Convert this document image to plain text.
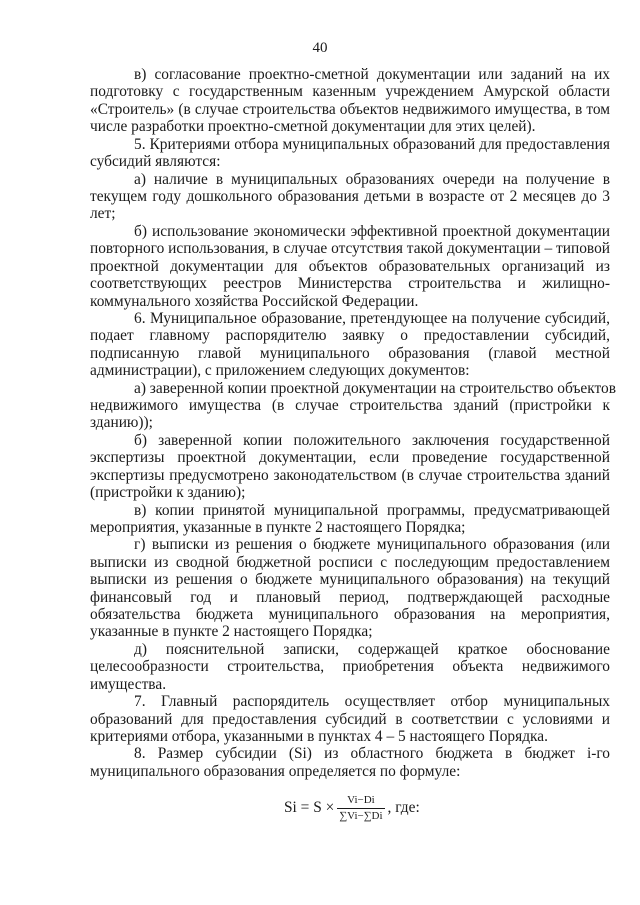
40
в) согласование проектно-сметной документации или заданий на их
подготовку с государственным казенным учреждением Амурской области
«Строитель» (в случае строительства объектов недвижимого имущества, в том
числе разработки проектно-сметной документации для этих целей).
5. Критериями отбора муниципальных образований для предоставления
субсидий являются:
а) наличие в муниципальных образованиях очереди на получение в
текущем году дошкольного образования детьми в возрасте от 2 месяцев до 3
лет;
б) использование экономически эффективной проектной документации
повторного использования, в случае отсутствия такой документации – типовой
проектной документации для объектов образовательных организаций из
соответствующих реестров Министерства строительства и жилищно-
коммунального хозяйства Российской Федерации.
6. Муниципальное образование, претендующее на получение субсидий,
подает главному распорядителю заявку о предоставлении субсидий,
подписанную главой муниципального образования (главой местной
администрации), с приложением следующих документов:
а) заверенной копии проектной документации на строительство объектов
недвижимого имущества (в случае строительства зданий (пристройки к
зданию));
б) заверенной копии положительного заключения государственной
экспертизы проектной документации, если проведение государственной
экспертизы предусмотрено законодательством (в случае строительства зданий
(пристройки к зданию);
в) копии принятой муниципальной программы, предусматривающей
мероприятия, указанные в пункте 2 настоящего Порядка;
г) выписки из решения о бюджете муниципального образования (или
выписки из сводной бюджетной росписи с последующим предоставлением
выписки из решения о бюджете муниципального образования) на текущий
финансовый год и плановый период, подтверждающей расходные
обязательства бюджета муниципального образования на мероприятия,
указанные в пункте 2 настоящего Порядка;
д) пояснительной записки, содержащей краткое обоснование
целесообразности строительства, приобретения объекта недвижимого
имущества.
7. Главный распорядитель осуществляет отбор муниципальных
образований для предоставления субсидий в соответствии с условиями и
критериями отбора, указанными в пунктах 4 – 5 настоящего Порядка.
8. Размер субсидии (Si) из областного бюджета в бюджет i-го
муниципального образования определяется по формуле:
$Si = S \times \frac{Vi-Di}{\sum Vi-\sum Di}$ , где:
